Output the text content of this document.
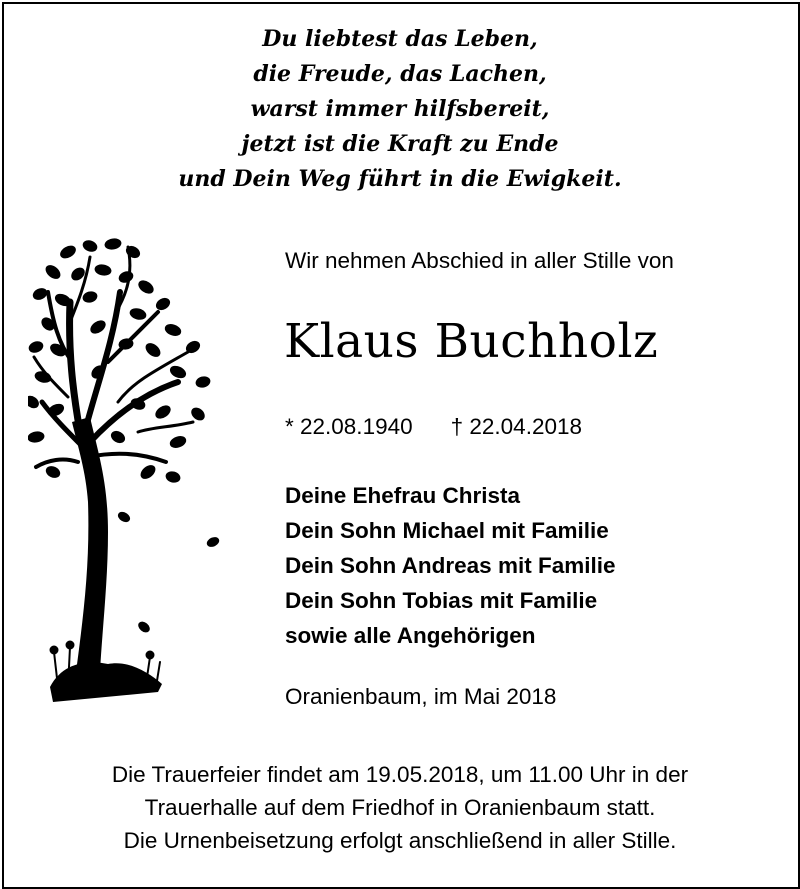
Du liebtest das Leben,
die Freude, das Lachen,
warst immer hilfsbereit,
jetzt ist die Kraft zu Ende
und Dein Weg führt in die Ewigkeit.
Wir nehmen Abschied in aller Stille von
Klaus Buchholz
* 22.08.1940 † 22.04.2018
Deine Ehefrau Christa
Dein Sohn Michael mit Familie
Dein Sohn Andreas mit Familie
Dein Sohn Tobias mit Familie
sowie alle Angehörigen
Oranienbaum, im Mai 2018
Die Trauerfeier findet am 19.05.2018, um 11.00 Uhr in der
Trauerhalle auf dem Friedhof in Oranienbaum statt.
Die Urnenbeisetzung erfolgt anschließend in aller Stille.
